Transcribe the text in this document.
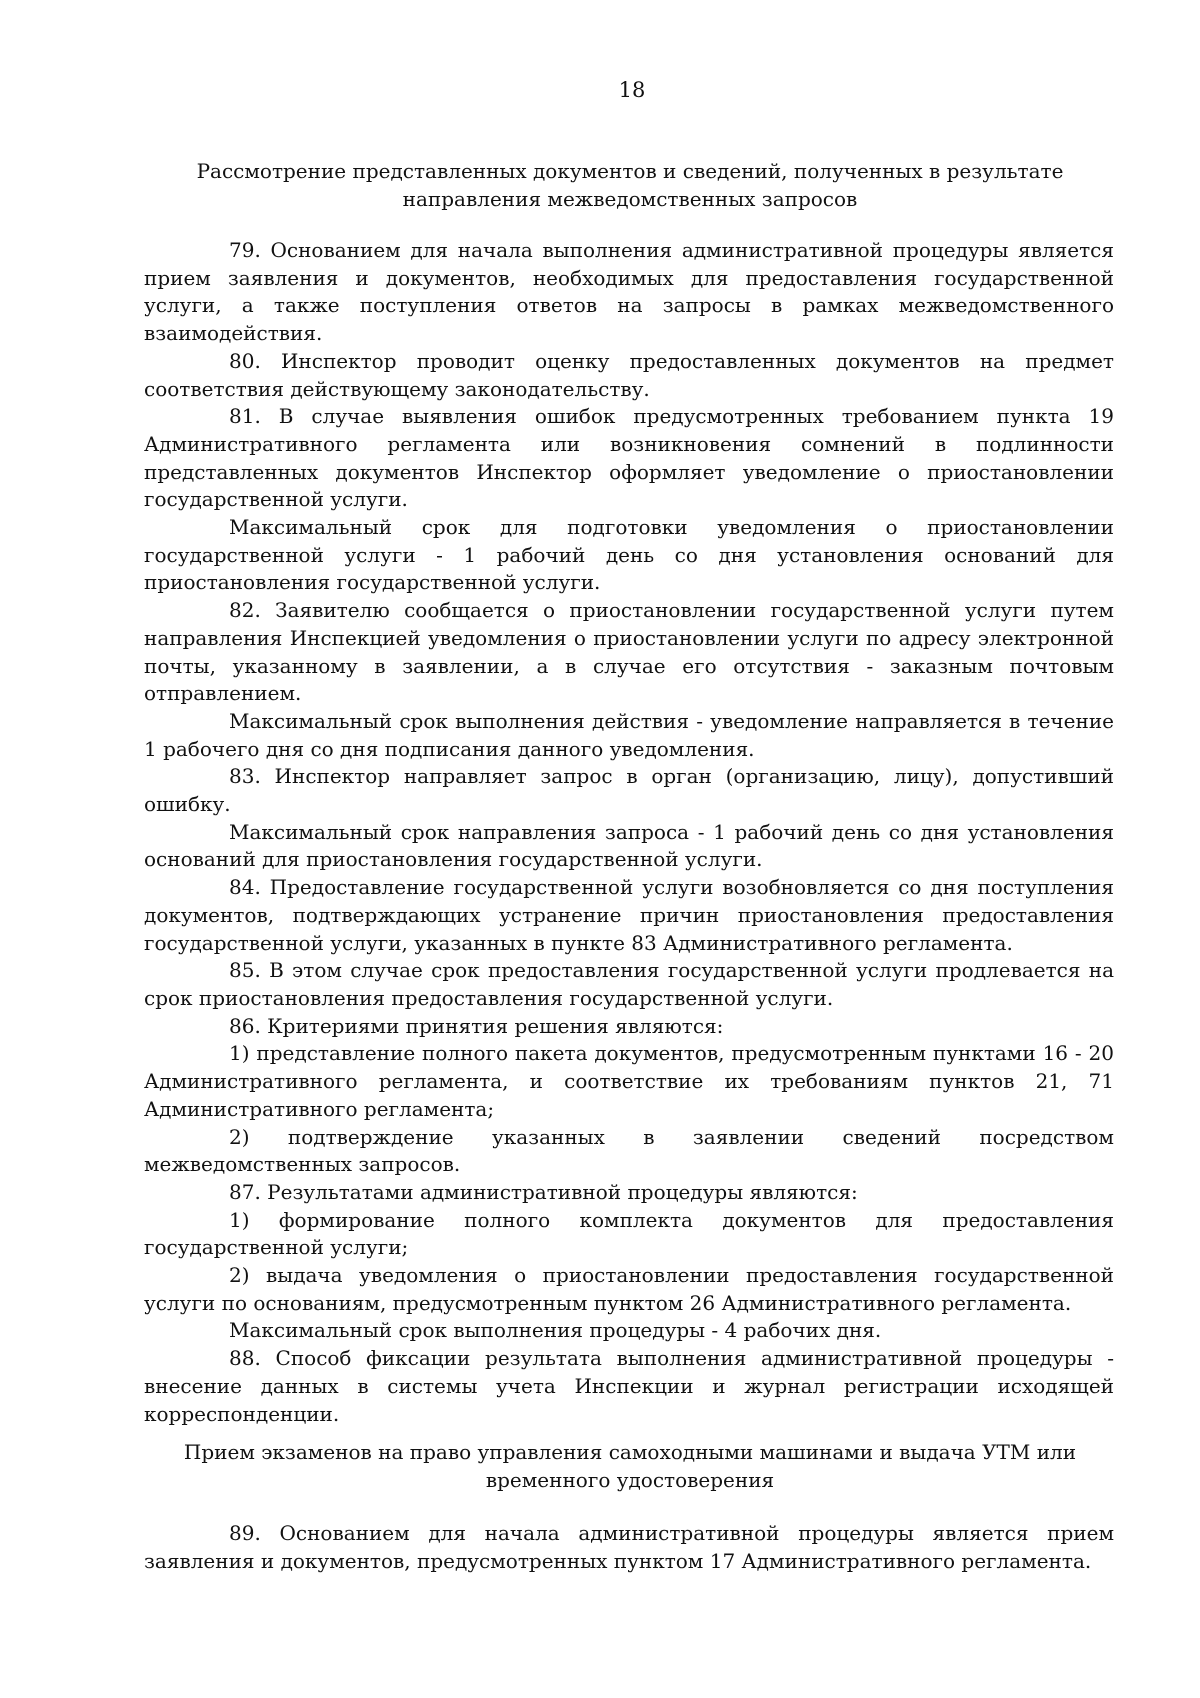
18
Рассмотрение представленных документов и сведений, полученных в результате направления межведомственных запросов

79. Основанием для начала выполнения административной процедуры является прием заявления и документов, необходимых для предоставления государственной услуги, а также поступления ответов на запросы в рамках межведомственного взаимодействия.

80. Инспектор проводит оценку предоставленных документов на предмет соответствия действующему законодательству.

81. В случае выявления ошибок предусмотренных требованием пункта 19 Административного регламента или возникновения сомнений в подлинности представленных документов Инспектор оформляет уведомление о приостановлении государственной услуги.

Максимальный срок для подготовки уведомления о приостановлении государственной услуги - 1 рабочий день со дня установления оснований для приостановления государственной услуги.

82. Заявителю сообщается о приостановлении государственной услуги путем направления Инспекцией уведомления о приостановлении услуги по адресу электронной почты, указанному в заявлении, а в случае его отсутствия - заказным почтовым отправлением.

Максимальный срок выполнения действия - уведомление направляется в течение 1 рабочего дня со дня подписания данного уведомления.

83. Инспектор направляет запрос в орган (организацию, лицу), допустивший ошибку.

Максимальный срок направления запроса - 1 рабочий день со дня установления оснований для приостановления государственной услуги.

84. Предоставление государственной услуги возобновляется со дня поступления документов, подтверждающих устранение причин приостановления предоставления государственной услуги, указанных в пункте 83 Административного регламента.

85. В этом случае срок предоставления государственной услуги продлевается на срок приостановления предоставления государственной услуги.

86. Критериями принятия решения являются:

1) представление полного пакета документов, предусмотренным пунктами 16 - 20 Административного регламента, и соответствие их требованиям пунктов 21, 71 Административного регламента;

2) подтверждение указанных в заявлении сведений посредством межведомственных запросов.

87. Результатами административной процедуры являются:

1) формирование полного комплекта документов для предоставления государственной услуги;

2) выдача уведомления о приостановлении предоставления государственной услуги по основаниям, предусмотренным пунктом 26 Административного регламента.

Максимальный срок выполнения процедуры - 4 рабочих дня.

88. Способ фиксации результата выполнения административной процедуры - внесение данных в системы учета Инспекции и журнал регистрации исходящей корреспонденции.

Прием экзаменов на право управления самоходными машинами и выдача УТМ или временного удостоверения

89. Основанием для начала административной процедуры является прием заявления и документов, предусмотренных пунктом 17 Административного регламента.
